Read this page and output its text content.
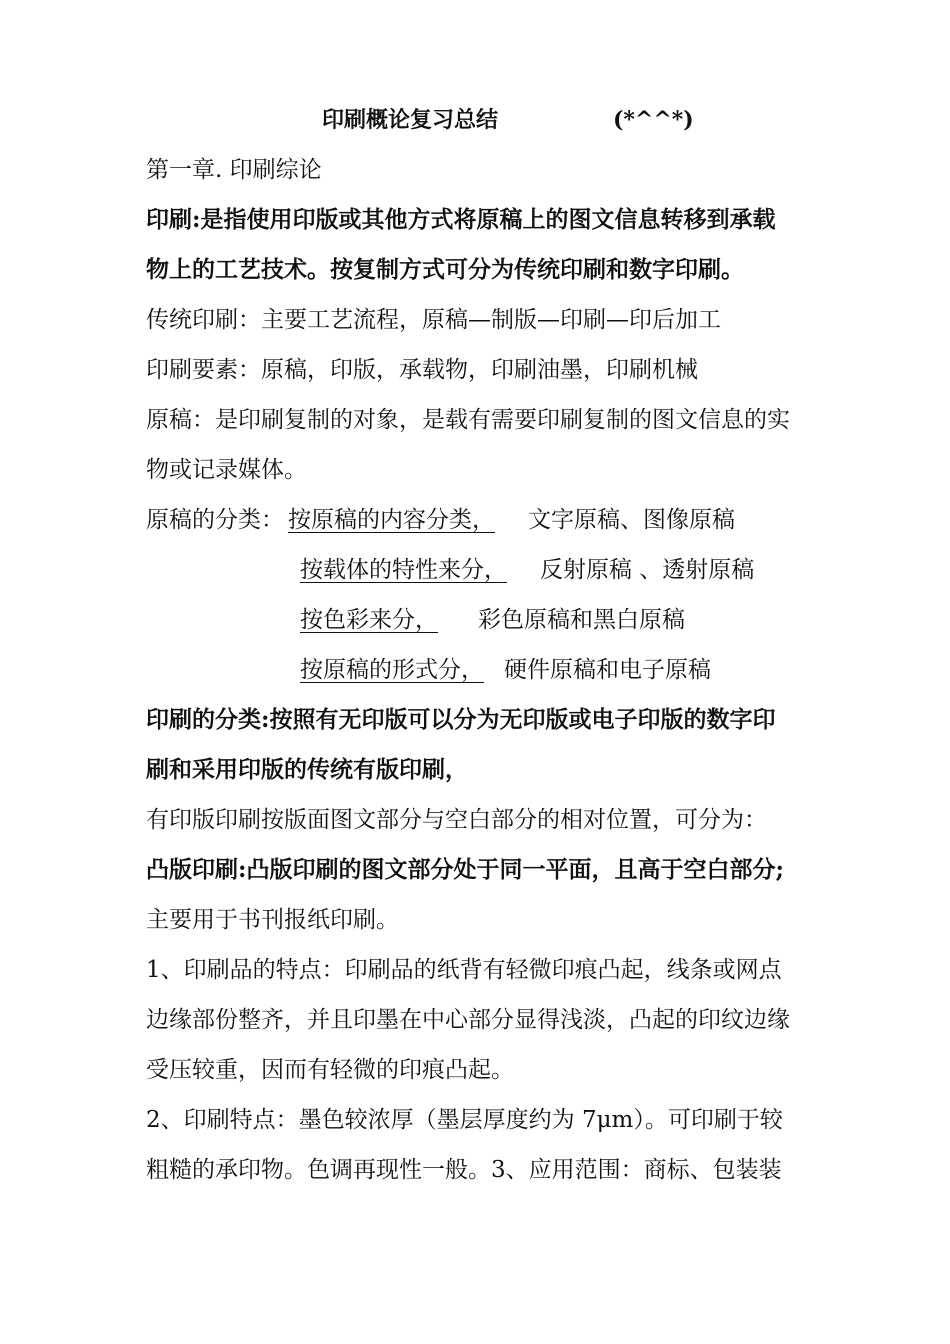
印刷概论复习总结	(*^^*)
第一章. 印刷综论
印刷:是指使用印版或其他方式将原稿上的图文信息转移到承载
物上的工艺技术。按复制方式可分为传统印刷和数字印刷。
传统印刷：主要工艺流程，原稿—制版—印刷—印后加工
印刷要素：原稿，印版，承载物，印刷油墨，印刷机械
原稿：是印刷复制的对象，是载有需要印刷复制的图文信息的实
物或记录媒体。
原稿的分类： 按原稿的内容分类， 文字原稿、图像原稿
按载体的特性来分， 反射原稿 、透射原稿
按色彩来分， 彩色原稿和黑白原稿
按原稿的形式分， 硬件原稿和电子原稿
印刷的分类:按照有无印版可以分为无印版或电子印版的数字印
刷和采用印版的传统有版印刷，
有印版印刷按版面图文部分与空白部分的相对位置，可分为：
凸版印刷:凸版印刷的图文部分处于同一平面，且高于空白部分;
主要用于书刊报纸印刷。
1、印刷品的特点：印刷品的纸背有轻微印痕凸起，线条或网点
边缘部份整齐，并且印墨在中心部分显得浅淡，凸起的印纹边缘
受压较重，因而有轻微的印痕凸起。
2、印刷特点：墨色较浓厚（墨层厚度约为 7μm）。可印刷于较
粗糙的承印物。色调再现性一般。3、应用范围：商标、包装装
